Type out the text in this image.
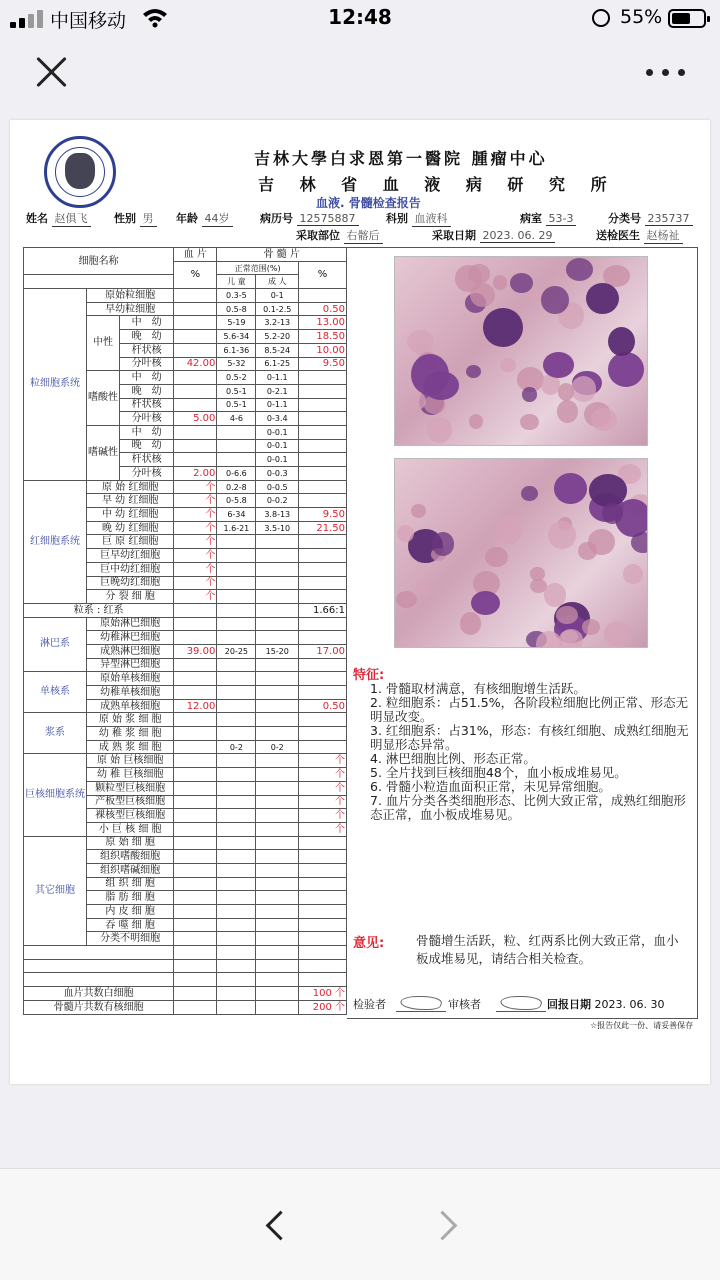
中国移动	12:48	55%
吉林大學白求恩第一醫院 腫瘤中心
吉 林 省 血 液 病 研 究 所
血液. 骨髓检查报告
姓名 赵俱飞 性别 男 年龄 44岁	病历号 12575887	科别 血液科	病室 53-3	分类号 235737
采取部位 右髂后	采取日期 2023. 06. 29	送检医生 赵杨祉
细胞名称			血 片	骨 髓 片		
			%	正常范围(%)		%
				儿 童	成 人	
粒细胞系统	原始粒细胞			0.3-5	0-1	
	早幼粒细胞			0.5-8	0.1-2.5	0.50
	中性	中　幼		5-19	3.2-13	13.00
		晚　幼		5.6-34	5.2-20	18.50
		杆状核		6.1-36	8.5-24	10.00
		分叶核	42.00	5-32	6.1-25	9.50
	嗜酸性	中　幼		0.5-2	0-1.1	
		晚　幼		0.5-1	0-2.1	
		杆状核		0.5-1	0-1.1	
		分叶核	5.00	4-6	0-3.4	
	嗜碱性	中　幼			0-0.1	
		晚　幼			0-0.1	
		杆状核			0-0.1	
		分叶核	2.00	0-6.6	0-0.3	
红细胞系统	原 始 红细胞		个	0.2-8	0-0.5	
	早 幼 红细胞		个	0-5.8	0-0.2	
	中 幼 红细胞		个	6-34	3.8-13	9.50
	晚 幼 红细胞		个	1.6-21	3.5-10	21.50
	巨 原 红细胞		个			
	巨早幼红细胞		个			
	巨中幼红细胞		个			
	巨晚幼红细胞		个			
	分 裂 细 胞		个			
粒系 : 红系						1.66:1
淋巴系	原始淋巴细胞					
	幼稚淋巴细胞					
	成熟淋巴细胞		39.00	20-25	15-20	17.00
	异型淋巴细胞					
单核系	原始单核细胞					
	幼稚单核细胞					
	成熟单核细胞		12.00			0.50
浆系	原 始 浆 细 胞					
	幼 稚 浆 细 胞					
	成 熟 浆 细 胞			0-2	0-2	
巨核细胞系统	原 始 巨核细胞					个
	幼 稚 巨核细胞					个
	颗粒型巨核细胞					个
	产板型巨核细胞					个
	裸核型巨核细胞					个
	小 巨 核 细 胞					个
其它细胞	原 始 细 胞					
	组织嗜酸细胞					
	组织嗜碱细胞					
	组 织 细 胞					
	脂 肪 细 胞					
	内 皮 细 胞					
	吞 噬 细 胞					
	分类不明细胞					

血片共数白细胞						100 个
骨髓片共数有核细胞						200 个
特征:
1. 骨髓取材满意，有核细胞增生活跃。
2. 粒细胞系：占51.5%，各阶段粒细胞比例正常、形态无明显改变。
3. 红细胞系：占31%，形态：有核红细胞、成熟红细胞无明显形态异常。
4. 淋巴细胞比例、形态正常。
5. 全片找到巨核细胞48个，血小板成堆易见。
6. 骨髓小粒造血面积正常，未见异常细胞。
7. 血片分类各类细胞形态、比例大致正常，成熟红细胞形态正常，血小板成堆易见。
意见:	骨髓增生活跃，粒、红两系比例大致正常，血小板成堆易见，请结合相关检查。
检验者	审核者	回报日期 2023. 06. 30
☆报告仅此一份、请妥善保存
